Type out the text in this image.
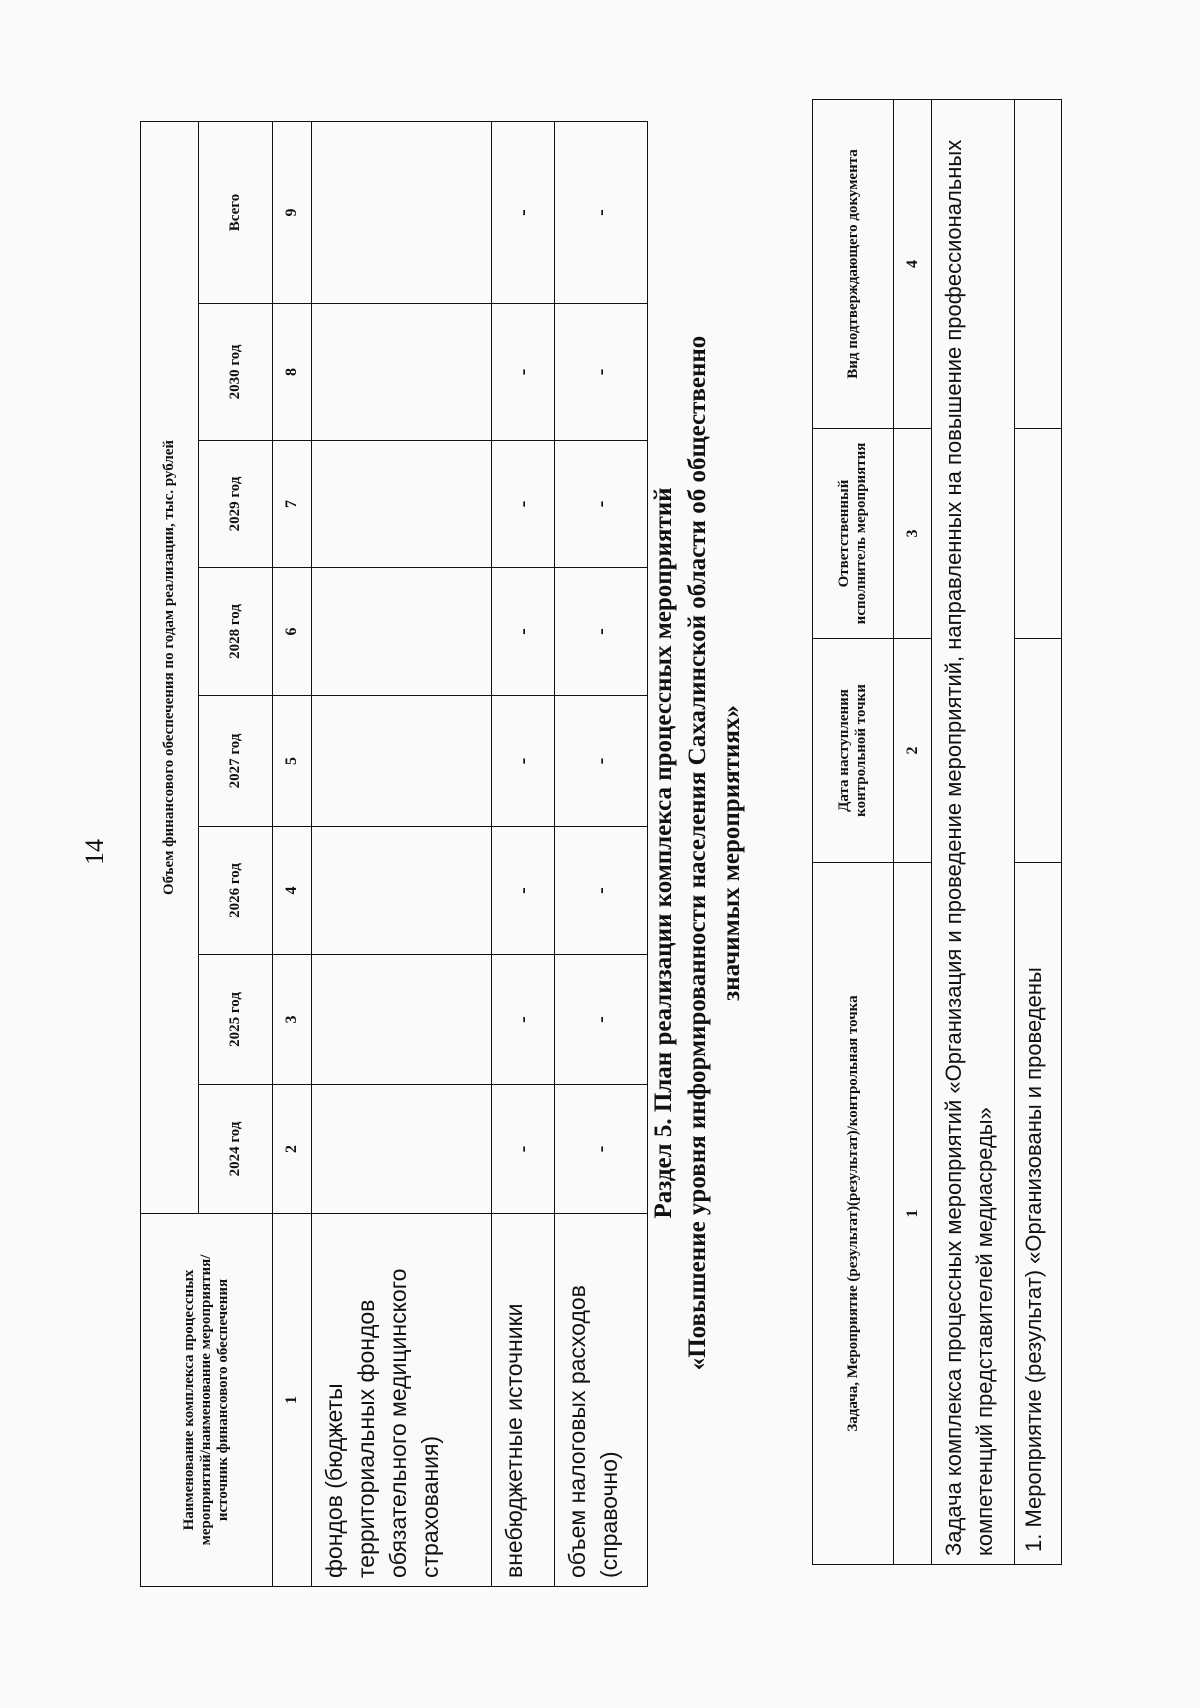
14
Наименование комплекса процессных мероприятий/наименование мероприятия/источник финансового обеспечения	Объем финансового обеспечения по годам реализации, тыс. рублей							
	2024 год	2025 год	2026 год	2027 год	2028 год	2029 год	2030 год	Всего
1	2	3	4	5	6	7	8	9
фондов (бюджеты территориальных фондов обязательного медицинского страхования)								
внебюджетные источники	-	-	-	-	-	-	-	-
объем налоговых расходов (справочно)	-	-	-	-	-	-	-	-
Раздел 5. План реализации комплекса процессных мероприятий «Повышение уровня информированности населения Сахалинской области об общественно значимых мероприятиях»
Задача, Мероприятие (результат)(результат)/контрольная точка	Дата наступления контрольной точки	Ответственный исполнитель мероприятия	Вид подтверждающего документа
1	2	3	4
Задача комплекса процессных мероприятий «Организация и проведение мероприятий, направленных на повышение профессиональных компетенций представителей медиасреды»			
1. Мероприятие (результат) «Организованы и проведены			
